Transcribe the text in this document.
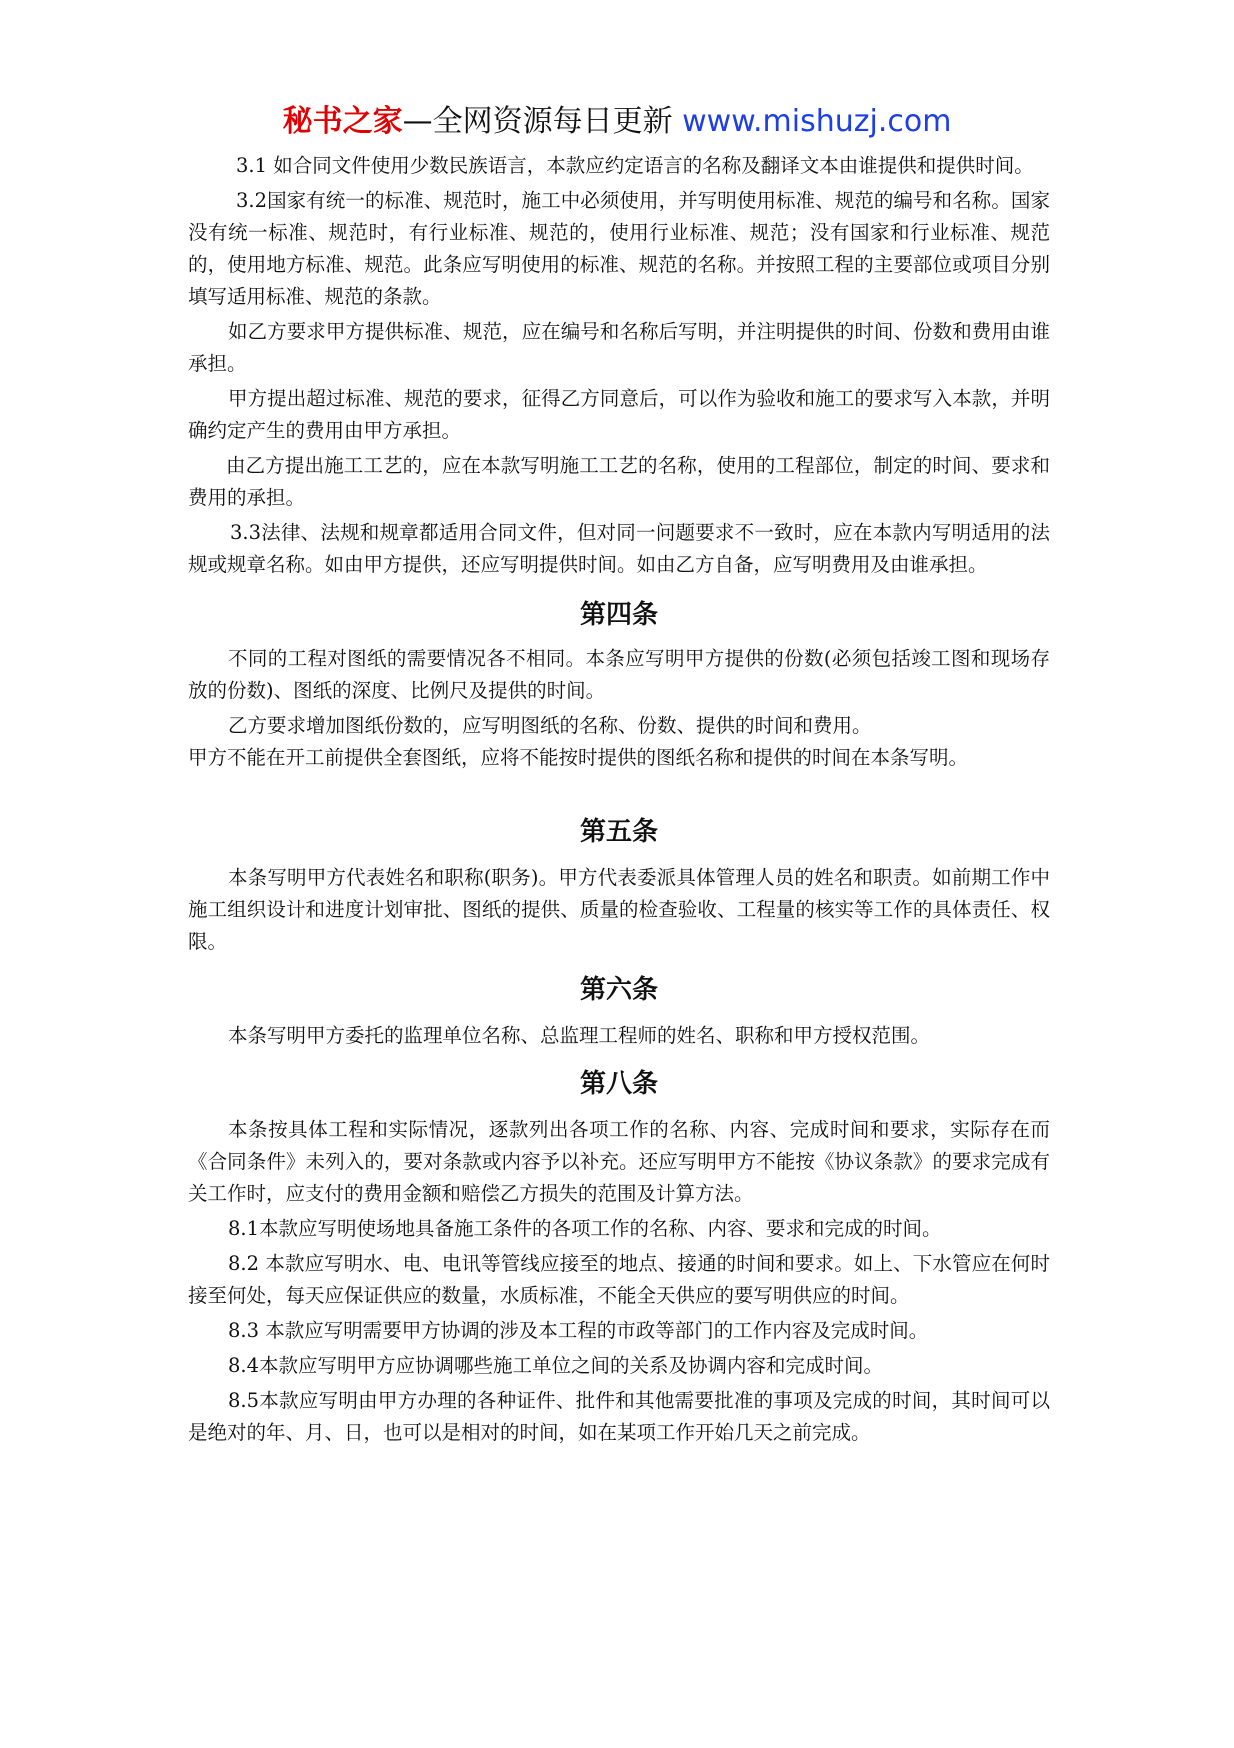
秘书之家—全网资源每日更新 www.mishuzj.com

3.1 如合同文件使用少数民族语言，本款应约定语言的名称及翻译文本由谁提供和提供时间。

3.2国家有统一的标准、规范时，施工中必须使用，并写明使用标准、规范的编号和名称。国家没有统一标准、规范时，有行业标准、规范的，使用行业标准、规范；没有国家和行业标准、规范的，使用地方标准、规范。此条应写明使用的标准、规范的名称。并按照工程的主要部位或项目分别填写适用标准、规范的条款。

如乙方要求甲方提供标准、规范，应在编号和名称后写明，并注明提供的时间、份数和费用由谁承担。

甲方提出超过标准、规范的要求，征得乙方同意后，可以作为验收和施工的要求写入本款，并明确约定产生的费用由甲方承担。

由乙方提出施工工艺的，应在本款写明施工工艺的名称，使用的工程部位，制定的时间、要求和费用的承担。

3.3法律、法规和规章都适用合同文件，但对同一问题要求不一致时，应在本款内写明适用的法规或规章名称。如由甲方提供，还应写明提供时间。如由乙方自备，应写明费用及由谁承担。

第四条

不同的工程对图纸的需要情况各不相同。本条应写明甲方提供的份数(必须包括竣工图和现场存放的份数)、图纸的深度、比例尺及提供的时间。

乙方要求增加图纸份数的，应写明图纸的名称、份数、提供的时间和费用。

甲方不能在开工前提供全套图纸，应将不能按时提供的图纸名称和提供的时间在本条写明。

第五条

本条写明甲方代表姓名和职称(职务)。甲方代表委派具体管理人员的姓名和职责。如前期工作中施工组织设计和进度计划审批、图纸的提供、质量的检查验收、工程量的核实等工作的具体责任、权限。

第六条

本条写明甲方委托的监理单位名称、总监理工程师的姓名、职称和甲方授权范围。

第八条

本条按具体工程和实际情况，逐款列出各项工作的名称、内容、完成时间和要求，实际存在而《合同条件》未列入的，要对条款或内容予以补充。还应写明甲方不能按《协议条款》的要求完成有关工作时，应支付的费用金额和赔偿乙方损失的范围及计算方法。

8.1本款应写明使场地具备施工条件的各项工作的名称、内容、要求和完成的时间。

8.2 本款应写明水、电、电讯等管线应接至的地点、接通的时间和要求。如上、下水管应在何时接至何处，每天应保证供应的数量，水质标准，不能全天供应的要写明供应的时间。

8.3 本款应写明需要甲方协调的涉及本工程的市政等部门的工作内容及完成时间。

8.4本款应写明甲方应协调哪些施工单位之间的关系及协调内容和完成时间。

8.5本款应写明由甲方办理的各种证件、批件和其他需要批准的事项及完成的时间，其时间可以是绝对的年、月、日，也可以是相对的时间，如在某项工作开始几天之前完成。
